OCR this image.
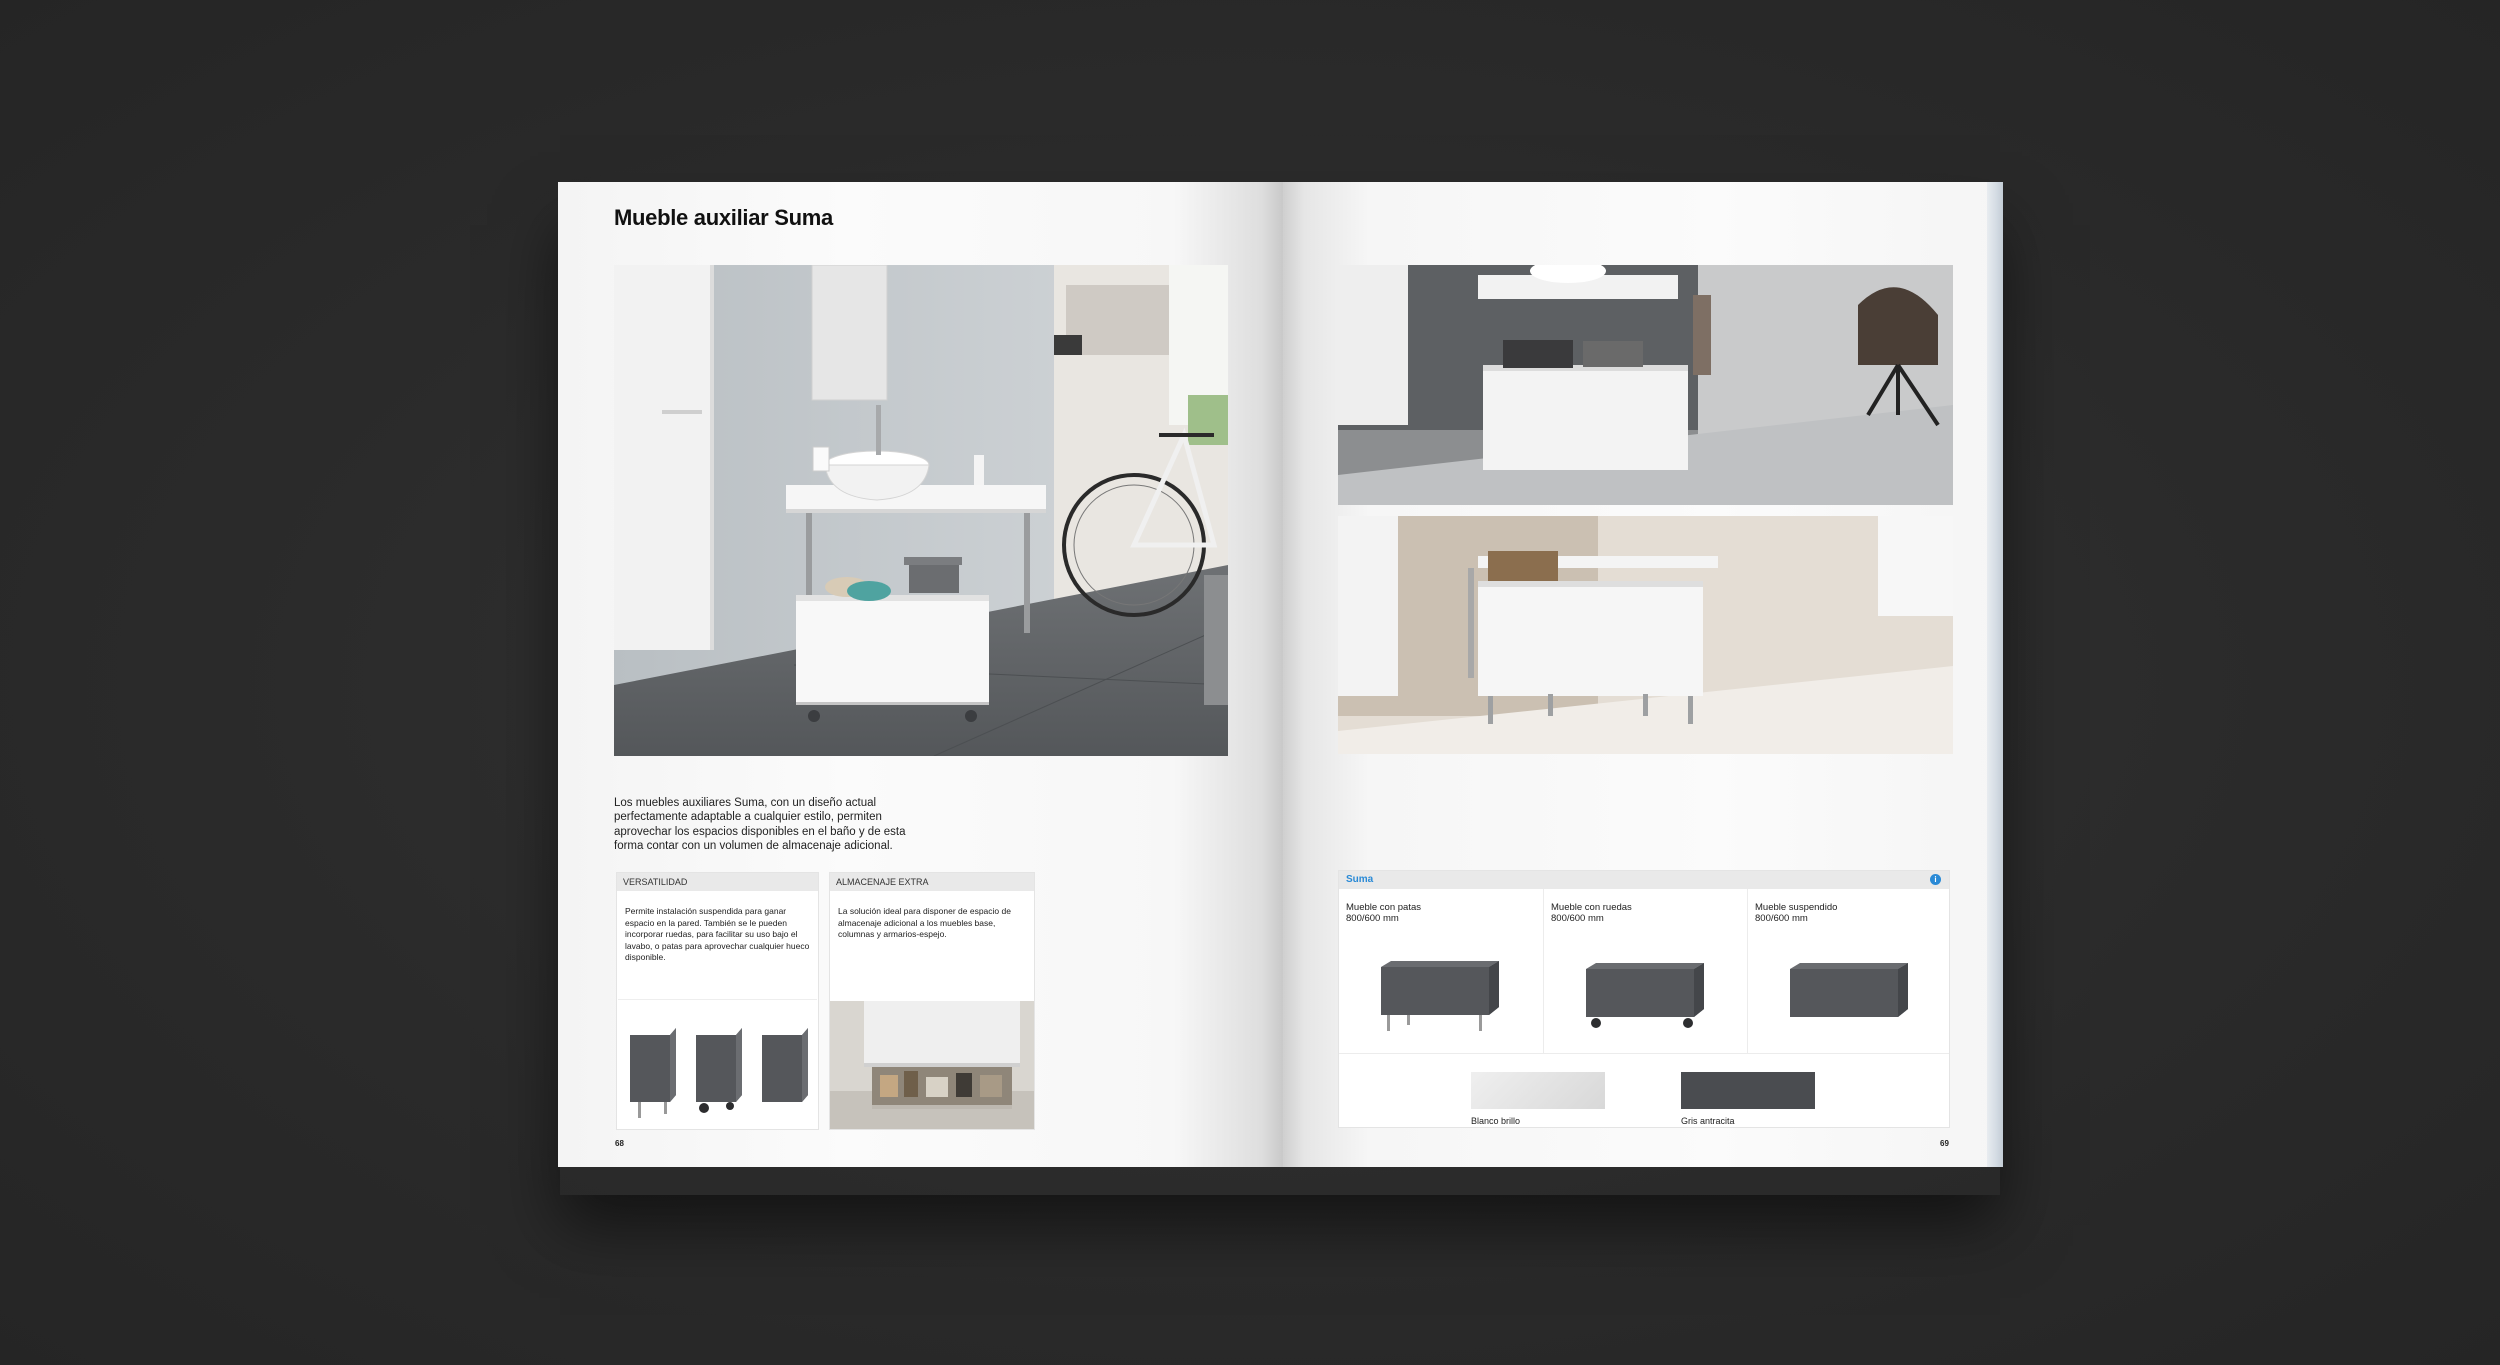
Mueble auxiliar Suma

Los muebles auxiliares Suma, con un diseño actual perfectamente adaptable a cualquier estilo, permiten aprovechar los espacios disponibles en el baño y de esta forma contar con un volumen de almacenaje adicional.

VERSATILIDAD
Permite instalación suspendida para ganar espacio en la pared. También se le pueden incorporar ruedas, para facilitar su uso bajo el lavabo, o patas para aprovechar cualquier hueco disponible.
ALMACENAJE EXTRA
La solución ideal para disponer de espacio de almacenaje adicional a los muebles base, columnas y armarios-espejo.
68
Suma	i
Mueble con patas
800/600 mm
Mueble con ruedas
800/600 mm
Mueble suspendido
800/600 mm
Blanco brillo	Gris antracita
69
